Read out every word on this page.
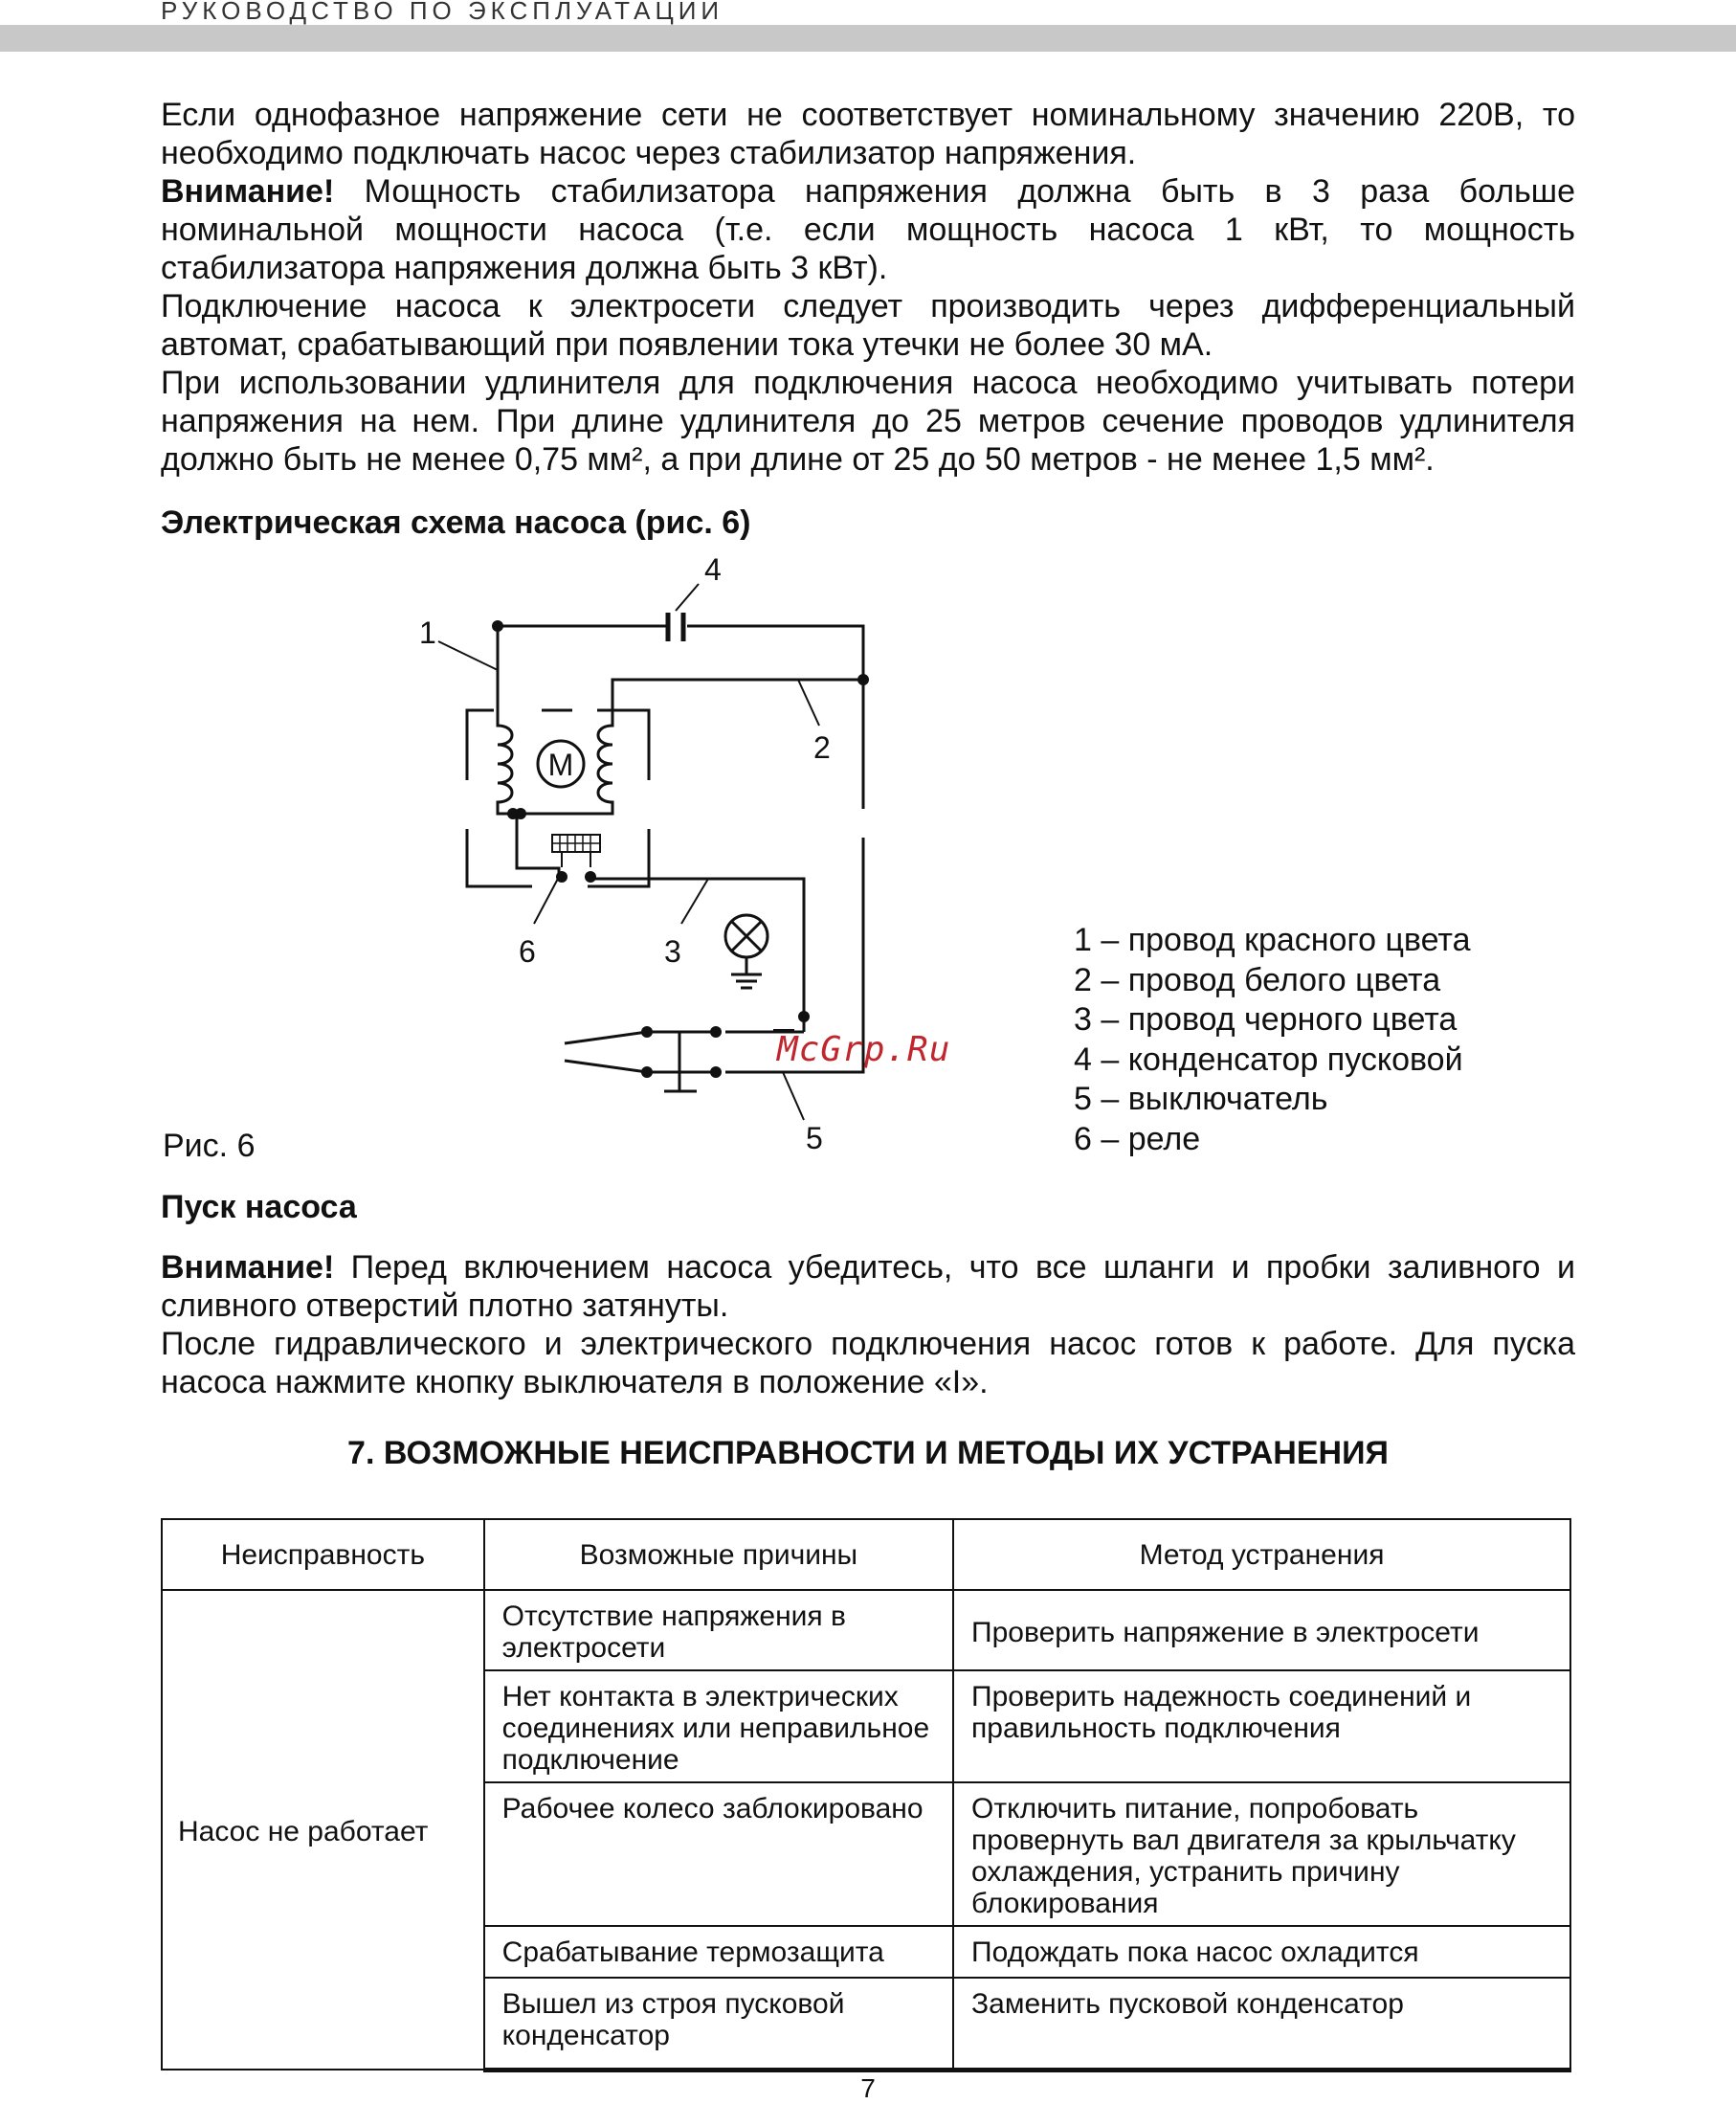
РУКОВОДСТВО ПО ЭКСПЛУАТАЦИИ

Если однофазное напряжение сети не соответствует номинальному значению 220В, то необходимо подключать насос через стабилизатор напряжения.

Внимание! Мощность стабилизатора напряжения должна быть в 3 раза больше номинальной мощности насоса (т.е. если мощность насоса 1 кВт, то мощность стабилизатора напряжения должна быть 3 кВт).

Подключение насоса к электросети следует производить через дифференциальный автомат, срабатывающий при появлении тока утечки не более 30 мА.

При использовании удлинителя для подключения насоса необходимо учитывать потери напряжения на нем. При длине удлинителя до 25 метров сечение проводов удлинителя должно быть не менее 0,75 мм², а при длине от 25 до 50 метров - не менее 1,5 мм².

Электрическая схема насоса (рис. 6)
M
1
2
3
4
5
6
McGrp.Ru
1 – провод красного цвета
2 – провод белого цвета
3 – провод черного цвета
4 – конденсатор пусковой
5 – выключатель
6 – реле
Рис. 6
Пуск насоса

Внимание! Перед включением насоса убедитесь, что все шланги и пробки заливного и сливного отверстий плотно затянуты.

После гидравлического и электрического подключения насос готов к работе. Для пуска насоса нажмите кнопку выключателя в положение «I».

7. ВОЗМОЖНЫЕ НЕИСПРАВНОСТИ И МЕТОДЫ ИХ УСТРАНЕНИЯ
Неисправность	Возможные причины	Метод устранения
Насос не работает	Отсутствие напряжения в электросети	Проверить напряжение в электросети
	Нет контакта в электрических соединениях или неправильное подключение	Проверить надежность соединений и правильность подключения
	Рабочее колесо заблокировано	Отключить питание, попробовать провернуть вал двигателя за крыльчатку охлаждения, устранить причину блокирования
	Срабатывание термозащита	Подождать пока насос охладится
	Вышел из строя пусковой конденсатор	Заменить пусковой конденсатор
7
